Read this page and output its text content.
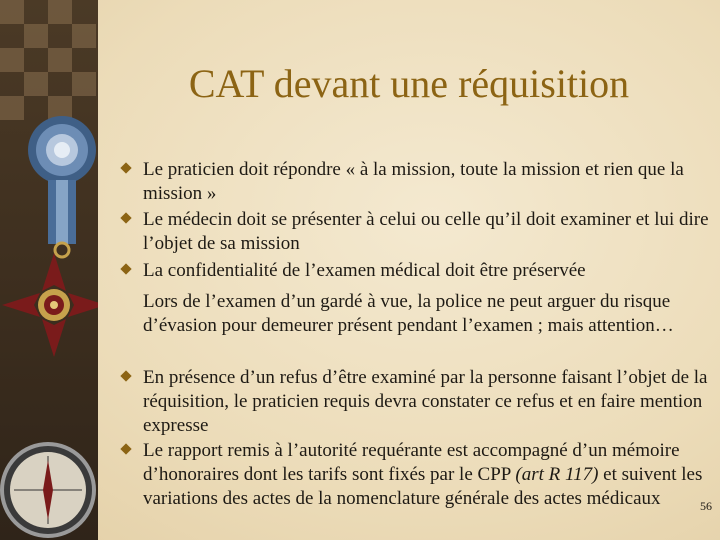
CAT devant une réquisition
Le praticien doit répondre « à la mission, toute la mission et rien que la mission »
Le médecin doit se présenter à celui ou celle qu’il doit examiner et lui dire l’objet de sa mission
La confidentialité de l’examen médical doit être préservée
Lors de l’examen d’un gardé à vue, la police ne peut arguer du risque d’évasion pour demeurer présent pendant l’examen ; mais attention…
En présence d’un refus d’être examiné par la personne faisant l’objet de la réquisition, le praticien requis devra constater ce refus et en faire mention expresse
Le rapport remis à l’autorité requérante est accompagné d’un mémoire d’honoraires dont les tarifs sont fixés par le CPP (art R 117) et suivent les variations des actes de la nomenclature générale des actes médicaux	56
